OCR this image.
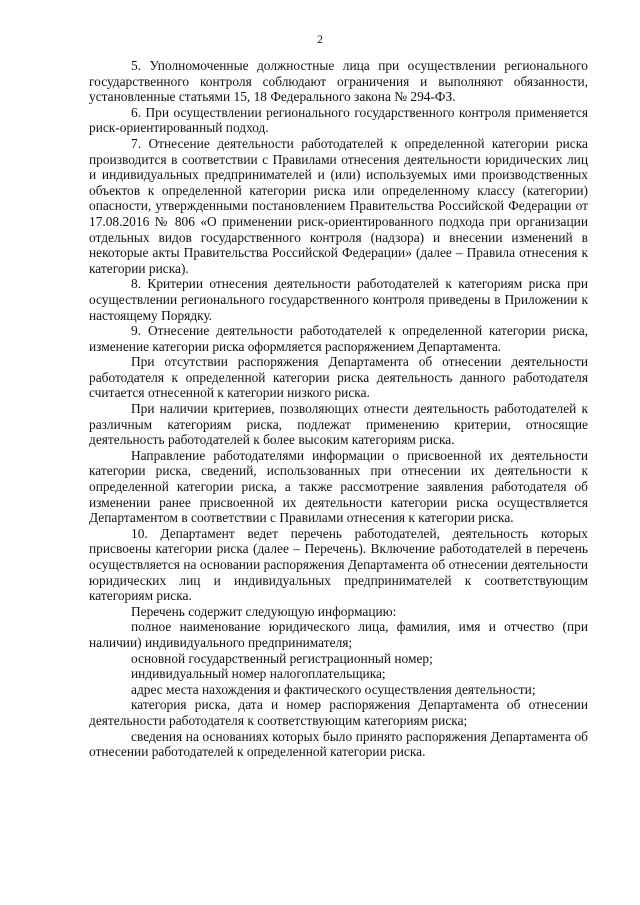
2

5. Уполномоченные должностные лица при осуществлении регионального государственного контроля соблюдают ограничения и выполняют обязанности, установленные статьями 15, 18 Федерального закона № 294-ФЗ.

6. При осуществлении регионального государственного контроля применяется риск-ориентированный подход.

7. Отнесение деятельности работодателей к определенной категории риска производится в соответствии с Правилами отнесения деятельности юридических лиц и индивидуальных предпринимателей и (или) используемых ими производственных объектов к определенной категории риска или определенному классу (категории) опасности, утвержденными постановлением Правительства Российской Федерации от 17.08.2016 № 806 «О применении риск-ориентированного подхода при организации отдельных видов государственного контроля (надзора) и внесении изменений в некоторые акты Правительства Российской Федерации» (далее – Правила отнесения к категории риска).

8. Критерии отнесения деятельности работодателей к категориям риска при осуществлении регионального государственного контроля приведены в Приложении к настоящему Порядку.

9. Отнесение деятельности работодателей к определенной категории риска, изменение категории риска оформляется распоряжением Департамента.

При отсутствии распоряжения Департамента об отнесении деятельности работодателя к определенной категории риска деятельность данного работодателя считается отнесенной к категории низкого риска.

При наличии критериев, позволяющих отнести деятельность работодателей к различным категориям риска, подлежат применению критерии, относящие деятельность работодателей к более высоким категориям риска.

Направление работодателями информации о присвоенной их деятельности категории риска, сведений, использованных при отнесении их деятельности к определенной категории риска, а также рассмотрение заявления работодателя об изменении ранее присвоенной их деятельности категории риска осуществляется Департаментом в соответствии с Правилами отнесения к категории риска.

10. Департамент ведет перечень работодателей, деятельность которых присвоены категории риска (далее – Перечень). Включение работодателей в перечень осуществляется на основании распоряжения Департамента об отнесении деятельности юридических лиц и индивидуальных предпринимателей к соответствующим категориям риска.

Перечень содержит следующую информацию:

полное наименование юридического лица, фамилия, имя и отчество (при наличии) индивидуального предпринимателя;

основной государственный регистрационный номер;

индивидуальный номер налогоплательщика;

адрес места нахождения и фактического осуществления деятельности;

категория риска, дата и номер распоряжения Департамента об отнесении деятельности работодателя к соответствующим категориям риска;

сведения на основаниях которых было принято распоряжения Департамента об отнесении работодателей к определенной категории риска.
